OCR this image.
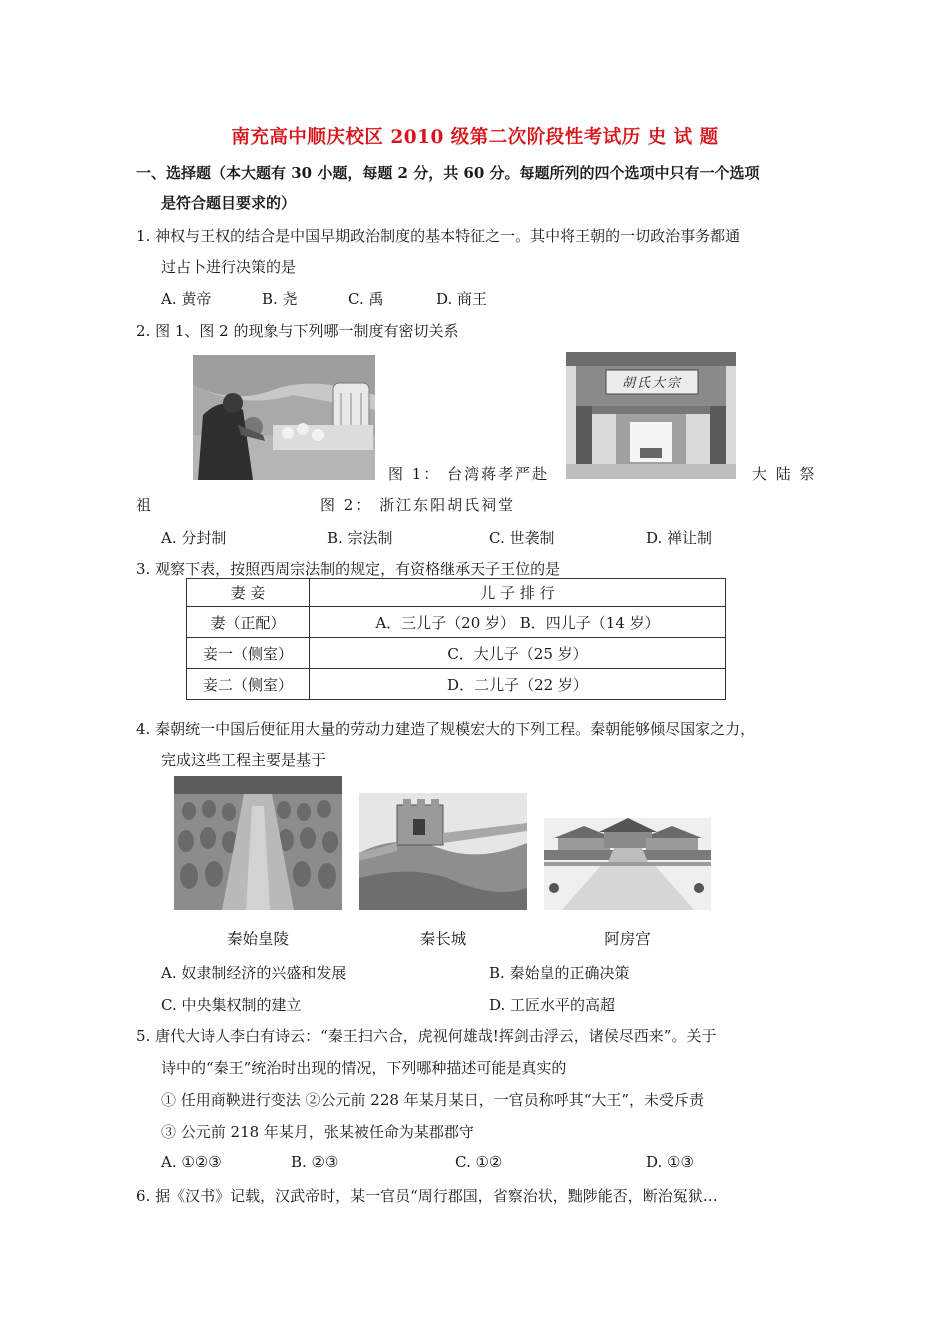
南充高中顺庆校区 2010 级第二次阶段性考试历 史 试 题
一、选择题（本大题有 30 小题，每题 2 分，共 60 分。每题所列的四个选项中只有一个选项
是符合题目要求的）
1. 神权与王权的结合是中国早期政治制度的基本特征之一。其中将王朝的一切政治事务都通
过占卜进行决策的是
A. 黄帝	B. 尧	C. 禹	D. 商王
2. 图 1、图 2 的现象与下列哪一制度有密切关系
胡氏大宗
图 1： 台湾蒋孝严赴	大 陆 祭
祖	图 2： 浙江东阳胡氏祠堂
A. 分封制	B. 宗法制	C. 世袭制	D. 禅让制
3. 观察下表，按照西周宗法制的规定，有资格继承天子王位的是
妻 妾	儿 子 排 行
妻（正配）	A．三儿子（20 岁） B．四儿子（14 岁）
妾一（侧室）	C．大儿子（25 岁）
妾二（侧室）	D．二儿子（22 岁）
4. 秦朝统一中国后便征用大量的劳动力建造了规模宏大的下列工程。秦朝能够倾尽国家之力，
完成这些工程主要是基于
秦始皇陵	秦长城	阿房宫
A. 奴隶制经济的兴盛和发展	B. 秦始皇的正确决策
C. 中央集权制的建立	D. 工匠水平的高超
5. 唐代大诗人李白有诗云：“秦王扫六合，虎视何雄哉!挥剑击浮云，诸侯尽西来”。关于
诗中的“秦王”统治时出现的情况，下列哪种描述可能是真实的
① 任用商鞅进行变法 ②公元前 228 年某月某日，一官员称呼其“大王”，未受斥责
③ 公元前 218 年某月，张某被任命为某郡郡守
A. ①②③	B. ②③	C. ①②	D. ①③
6. 据《汉书》记载，汉武帝时，某一官员“周行郡国，省察治状，黜陟能否，断治冤狱…
